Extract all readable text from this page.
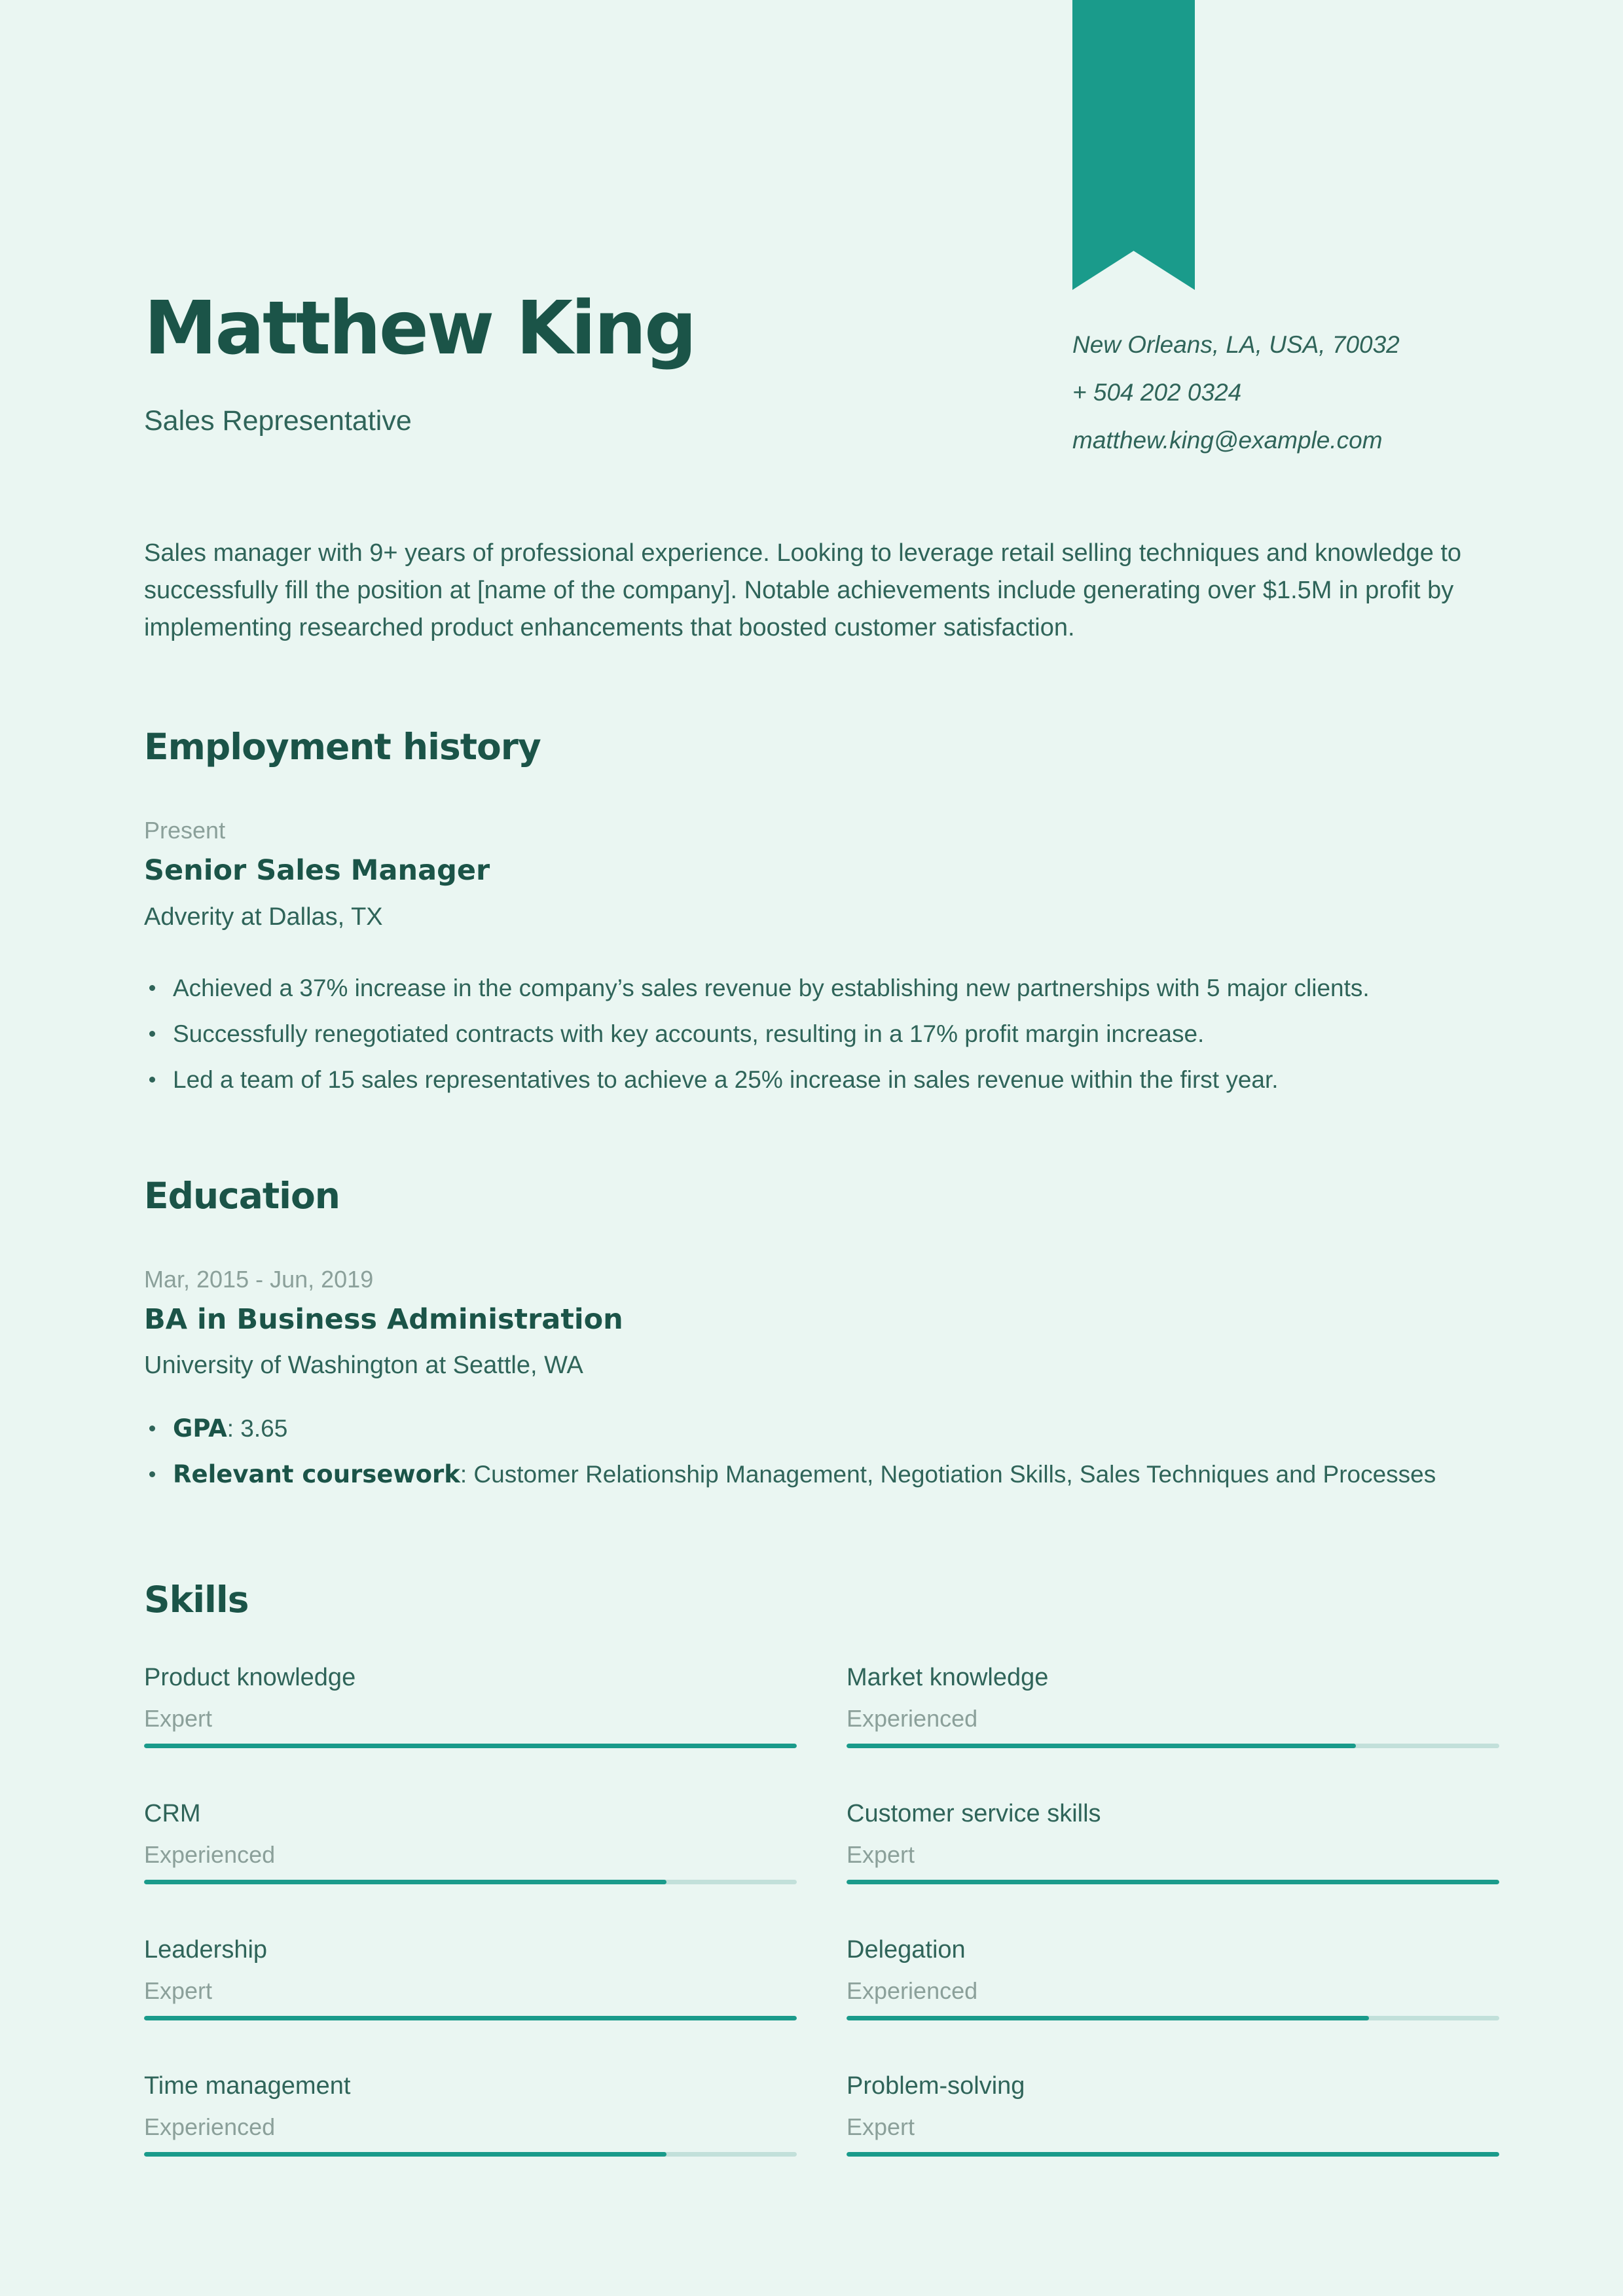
Matthew King
Sales Representative
New Orleans, LA, USA, 70032
+ 504 202 0324
matthew.king@example.com

Sales manager with 9+ years of professional experience. Looking to leverage retail selling techniques and knowledge to successfully fill the position at [name of the company]. Notable achievements include generating over $1.5M in profit by implementing researched product enhancements that boosted customer satisfaction.

Employment history
Present
Senior Sales Manager
Adverity at Dallas, TX
Achieved a 37% increase in the company’s sales revenue by establishing new partnerships with 5 major clients.
Successfully renegotiated contracts with key accounts, resulting in a 17% profit margin increase.
Led a team of 15 sales representatives to achieve a 25% increase in sales revenue within the first year.
Education
Mar, 2015 - Jun, 2019
BA in Business Administration
University of Washington at Seattle, WA
GPA: 3.65
Relevant coursework: Customer Relationship Management, Negotiation Skills, Sales Techniques and Processes
Skills
Product knowledge
Expert
Market knowledge
Experienced
CRM
Experienced
Customer service skills
Expert
Leadership
Expert
Delegation
Experienced
Time management
Experienced
Problem-solving
Expert
